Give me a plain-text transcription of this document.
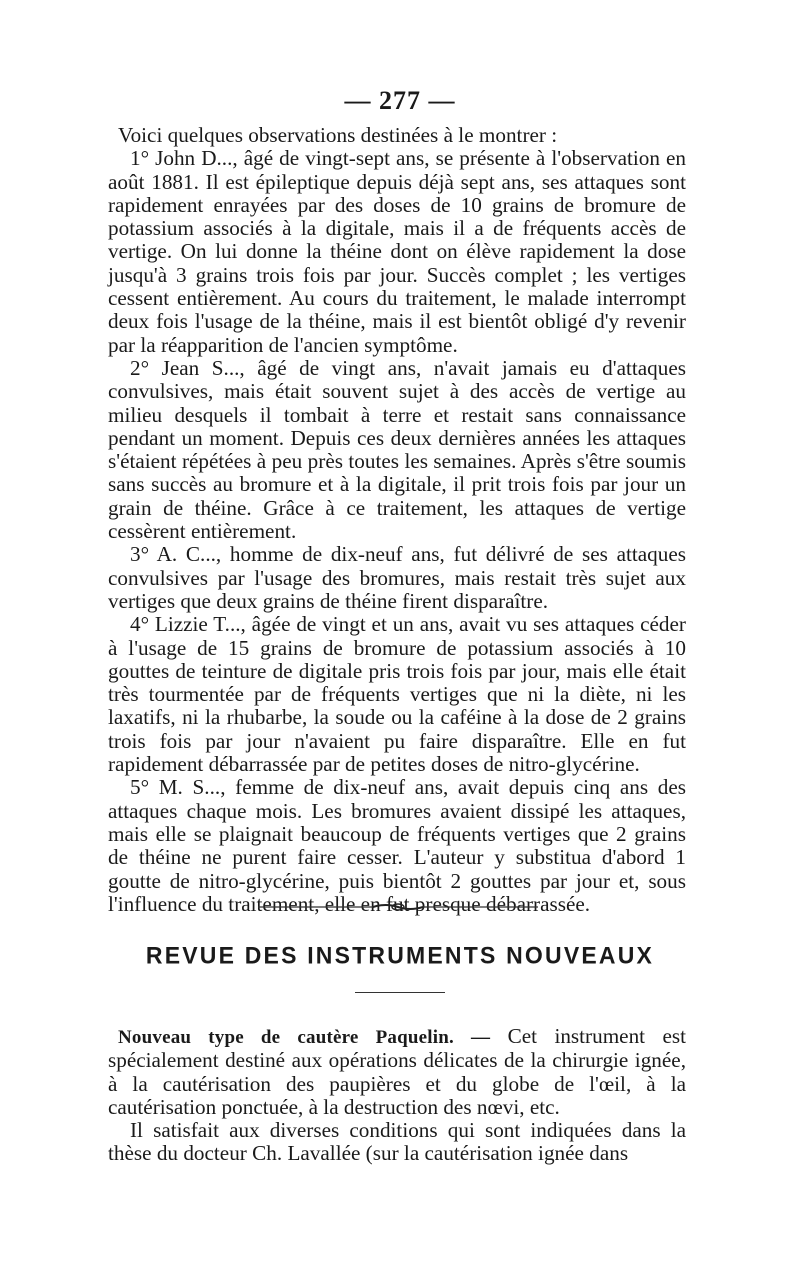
— 277 —

Voici quelques observations destinées à le montrer :

1° John D..., âgé de vingt-sept ans, se présente à l'observation en août 1881. Il est épileptique depuis déjà sept ans, ses attaques sont rapidement enrayées par des doses de 10 grains de bromure de potassium associés à la digitale, mais il a de fréquents accès de vertige. On lui donne la théine dont on élève rapidement la dose jusqu'à 3 grains trois fois par jour. Succès complet ; les vertiges cessent entièrement. Au cours du traitement, le malade interrompt deux fois l'usage de la théine, mais il est bientôt obligé d'y revenir par la réapparition de l'ancien symptôme.

2° Jean S..., âgé de vingt ans, n'avait jamais eu d'attaques convulsives, mais était souvent sujet à des accès de vertige au milieu desquels il tombait à terre et restait sans connaissance pendant un moment. Depuis ces deux dernières années les attaques s'étaient répétées à peu près toutes les semaines. Après s'être soumis sans succès au bromure et à la digitale, il prit trois fois par jour un grain de théine. Grâce à ce traitement, les attaques de vertige cessèrent entièrement.

3° A. C..., homme de dix-neuf ans, fut délivré de ses attaques convulsives par l'usage des bromures, mais restait très sujet aux vertiges que deux grains de théine firent disparaître.

4° Lizzie T..., âgée de vingt et un ans, avait vu ses attaques céder à l'usage de 15 grains de bromure de potassium associés à 10 gouttes de teinture de digitale pris trois fois par jour, mais elle était très tourmentée par de fréquents vertiges que ni la diète, ni les laxatifs, ni la rhubarbe, la soude ou la caféine à la dose de 2 grains trois fois par jour n'avaient pu faire disparaître. Elle en fut rapidement débarrassée par de petites doses de nitro-glycérine.

5° M. S..., femme de dix-neuf ans, avait depuis cinq ans des attaques chaque mois. Les bromures avaient dissipé les attaques, mais elle se plaignait beaucoup de fréquents vertiges que 2 grains de théine ne purent faire cesser. L'auteur y substitua d'abord 1 goutte de nitro-glycérine, puis bientôt 2 gouttes par jour et, sous l'influence du traitement, elle en fut presque débarrassée.

REVUE DES INSTRUMENTS NOUVEAUX

Nouveau type de cautère Paquelin. — Cet instrument est spécialement destiné aux opérations délicates de la chirurgie ignée, à la cautérisation des paupières et du globe de l'œil, à la cautérisation ponctuée, à la destruction des nœvi, etc.

Il satisfait aux diverses conditions qui sont indiquées dans la thèse du docteur Ch. Lavallée (sur la cautérisation ignée dans
